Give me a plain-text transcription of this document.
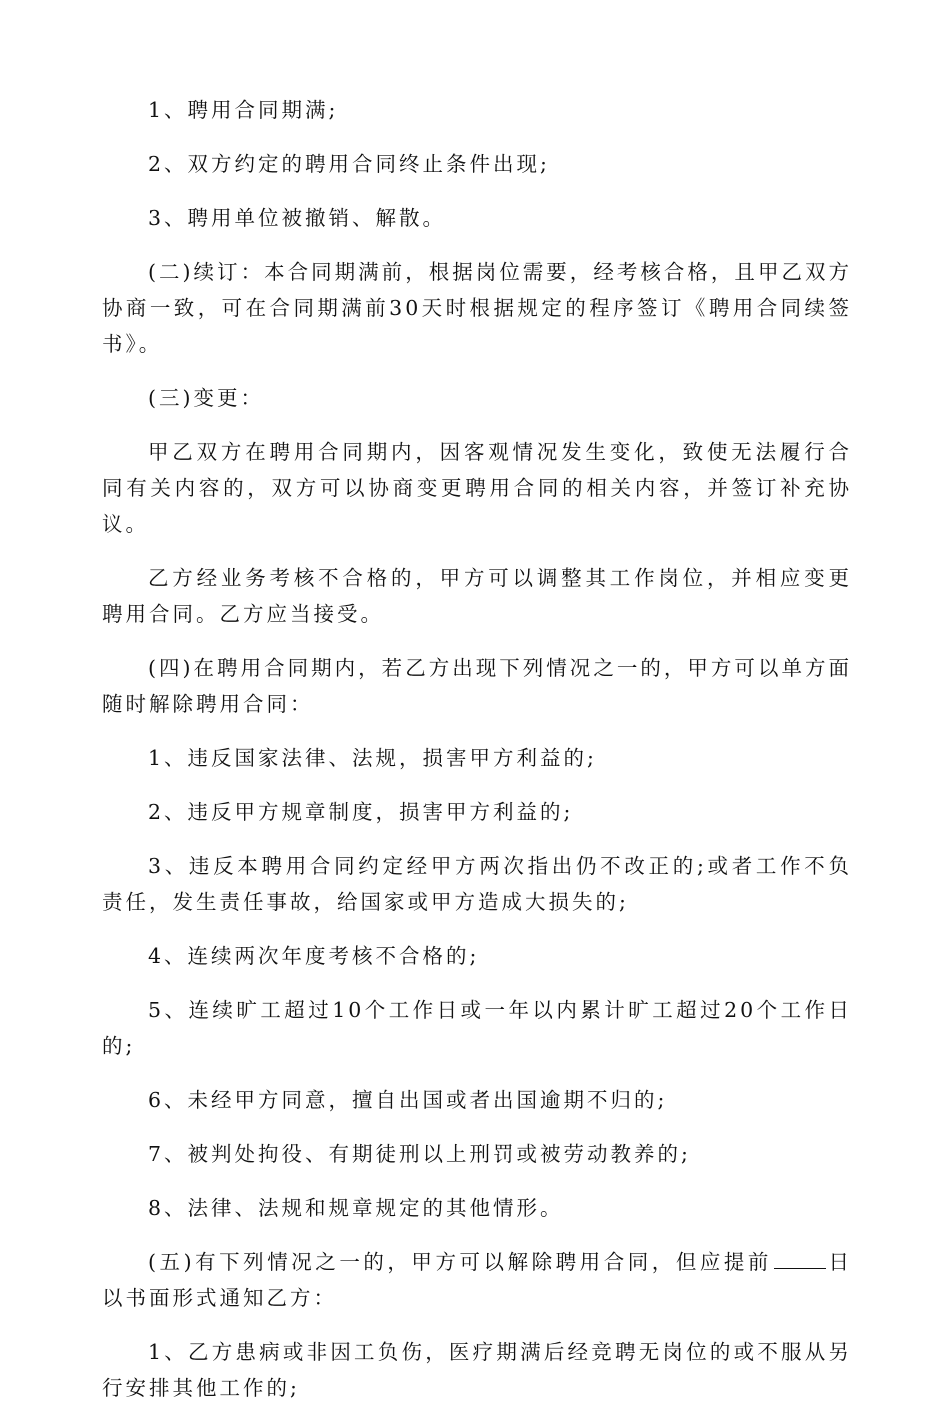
1、聘用合同期满;

2、双方约定的聘用合同终止条件出现;

3、聘用单位被撤销、解散。

(二)续订：本合同期满前，根据岗位需要，经考核合格，且甲乙双方协商一致，可在合同期满前30天时根据规定的程序签订《聘用合同续签书》。

(三)变更：

甲乙双方在聘用合同期内，因客观情况发生变化，致使无法履行合同有关内容的，双方可以协商变更聘用合同的相关内容，并签订补充协议。

乙方经业务考核不合格的，甲方可以调整其工作岗位，并相应变更聘用合同。乙方应当接受。

(四)在聘用合同期内，若乙方出现下列情况之一的，甲方可以单方面随时解除聘用合同：

1、违反国家法律、法规，损害甲方利益的;

2、违反甲方规章制度，损害甲方利益的;

3、违反本聘用合同约定经甲方两次指出仍不改正的;或者工作不负责任，发生责任事故，给国家或甲方造成大损失的;

4、连续两次年度考核不合格的;

5、连续旷工超过10个工作日或一年以内累计旷工超过20个工作日的;

6、未经甲方同意，擅自出国或者出国逾期不归的;

7、被判处拘役、有期徒刑以上刑罚或被劳动教养的;

8、法律、法规和规章规定的其他情形。

(五)有下列情况之一的，甲方可以解除聘用合同，但应提前	日以书面形式通知乙方：

1、乙方患病或非因工负伤，医疗期满后经竞聘无岗位的或不服从另行安排其他工作的;
